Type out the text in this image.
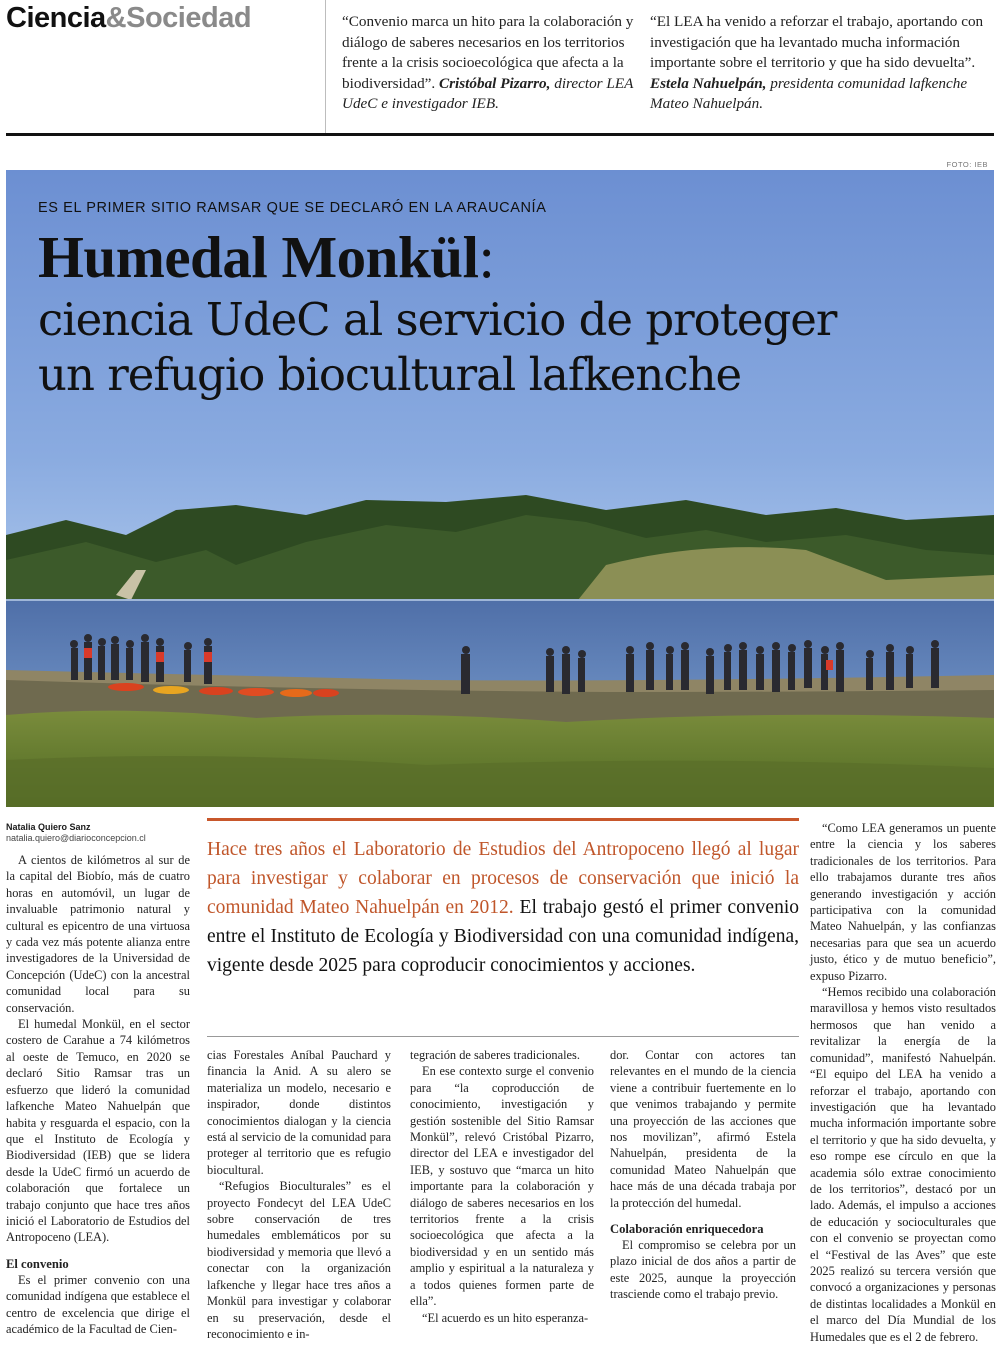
Ciencia&Sociedad	“Convenio marca un hito para la colaboración y diálogo de saberes necesarios en los territorios frente a la crisis socioecológica que afecta a la biodiversidad”. Cristóbal Pizarro, director LEA UdeC e investigador IEB.
“El LEA ha venido a reforzar el trabajo, aportando con investigación que ha levantado mucha información importante sobre el territorio y que ha sido devuelta”. Estela Nahuelpán, presidenta comunidad lafkenche Mateo Nahuelpán.
FOTO: IEB
ES EL PRIMER SITIO RAMSAR QUE SE DECLARÓ EN LA ARAUCANÍA
Humedal Monkül:
ciencia UdeC al servicio de proteger
un refugio biocultural lafkenche
Natalia Quiero Sanz
natalia.quiero@diarioconcepcion.cl
Hace tres años el Laboratorio de Estudios del Antropoceno llegó al lugar para investigar y colaborar en procesos de conservación que inició la comunidad Mateo Nahuelpán en 2012. El trabajo gestó el primer convenio entre el Instituto de Ecología y Biodiversidad con una comunidad indígena, vigente desde 2025 para coproducir conocimientos y acciones.

A cientos de kilómetros al sur de la capital del Biobío, más de cuatro horas en automóvil, un lugar de invaluable patrimonio natural y cultural es epicentro de una virtuosa y cada vez más potente alianza entre investigadores de la Universidad de Concepción (UdeC) con la ancestral comunidad local para su conservación.

El humedal Monkül, en el sector costero de Carahue a 74 kilómetros al oeste de Temuco, en 2020 se declaró Sitio Ramsar tras un esfuerzo que lideró la comunidad lafkenche Mateo Nahuelpán que habita y resguarda el espacio, con la que el Instituto de Ecología y Biodiversidad (IEB) que se lidera desde la UdeC firmó un acuerdo de colaboración que fortalece un trabajo conjunto que hace tres años inició el Laboratorio de Estudios del Antropoceno (LEA).

El convenio

Es el primer convenio con una comunidad indígena que establece el centro de excelencia que dirige el académico de la Facultad de Cien-

cias Forestales Aníbal Pauchard y financia la Anid. A su alero se materializa un modelo, necesario e inspirador, donde distintos conocimientos dialogan y la ciencia está al servicio de la comunidad para proteger al territorio que es refugio biocultural.

“Refugios Bioculturales” es el proyecto Fondecyt del LEA UdeC sobre conservación de tres humedales emblemáticos por su biodiversidad y memoria que llevó a conectar con la organización lafkenche y llegar hace tres años a Monkül para investigar y colaborar en su preservación, desde el reconocimiento e in-

tegración de saberes tradicionales.

En ese contexto surge el convenio para “la coproducción de conocimiento, investigación y gestión sostenible del Sitio Ramsar Monkül”, relevó Cristóbal Pizarro, director del LEA e investigador del IEB, y sostuvo que “marca un hito importante para la colaboración y diálogo de saberes necesarios en los territorios frente a la crisis socioecológica que afecta a la biodiversidad y en un sentido más amplio y espiritual a la naturaleza y a todos quienes formen parte de ella”.

“El acuerdo es un hito esperanza-

dor. Contar con actores tan relevantes en el mundo de la ciencia viene a contribuir fuertemente en lo que venimos trabajando y permite una proyección de las acciones que nos movilizan”, afirmó Estela Nahuelpán, presidenta de la comunidad Mateo Nahuelpán que hace más de una década trabaja por la protección del humedal.

Colaboración enriquecedora

El compromiso se celebra por un plazo inicial de dos años a partir de este 2025, aunque la proyección trasciende como el trabajo previo.

“Como LEA generamos un puente entre la ciencia y los saberes tradicionales de los territorios. Para ello trabajamos durante tres años generando investigación y acción participativa con la comunidad Mateo Nahuelpán, y las confianzas necesarias para que sea un acuerdo justo, ético y de mutuo beneficio”, expuso Pizarro.

“Hemos recibido una colaboración maravillosa y hemos visto resultados hermosos que han venido a revitalizar la energía de la comunidad”, manifestó Nahuelpán. “El equipo del LEA ha venido a reforzar el trabajo, aportando con investigación que ha levantado mucha información importante sobre el territorio y que ha sido devuelta, y eso rompe ese círculo en que la academia sólo extrae conocimiento de los territorios”, destacó por un lado. Además, el impulso a acciones de educación y socioculturales que con el convenio se proyectan como el “Festival de las Aves” que este 2025 realizó su tercera versión que convocó a organizaciones y personas de distintas localidades a Monkül en el marco del Día Mundial de los Humedales que es el 2 de febrero.
